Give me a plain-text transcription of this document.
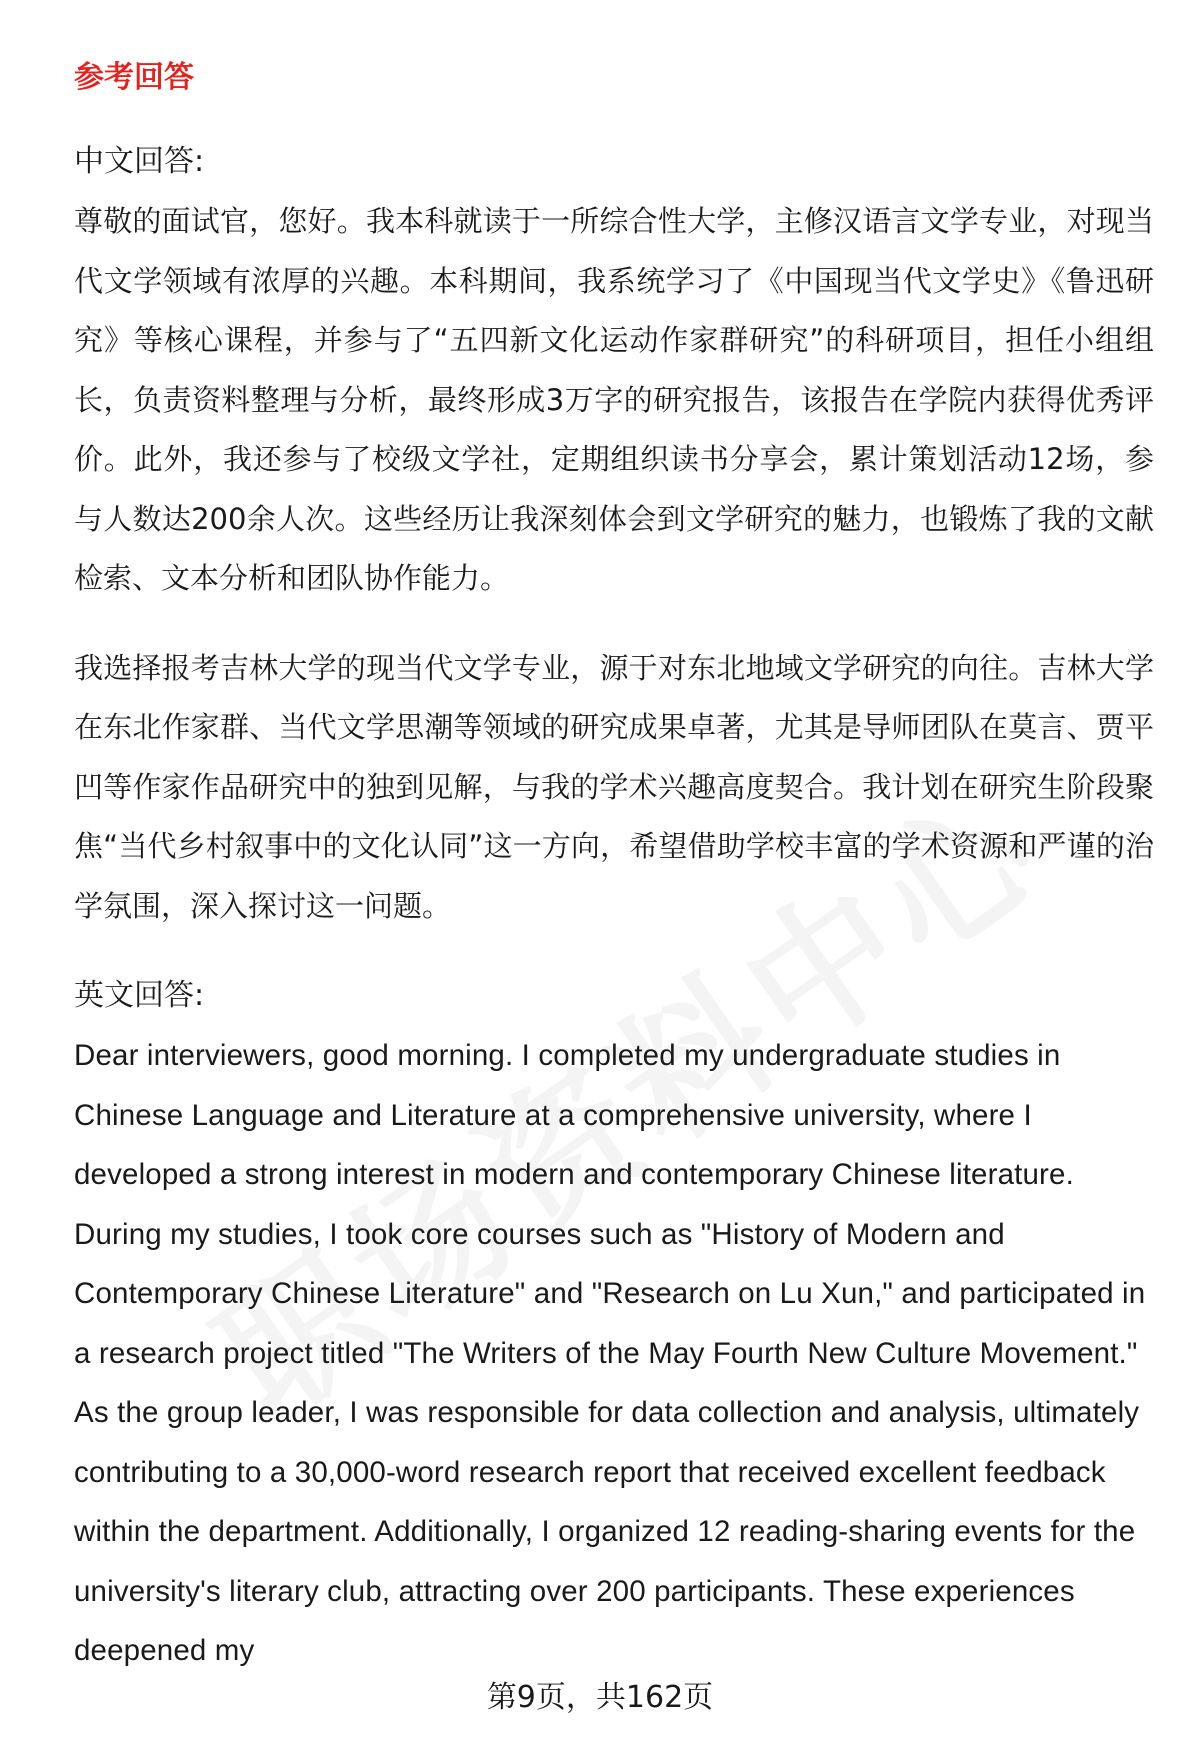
参考回答

中文回答:

尊敬的面试官，您好。我本科就读于一所综合性大学，主修汉语言文学专业，对现当代文学领域有浓厚的兴趣。本科期间，我系统学习了《中国现当代文学史》《鲁迅研究》等核心课程，并参与了“五四新文化运动作家群研究”的科研项目，担任小组组长，负责资料整理与分析，最终形成3万字的研究报告，该报告在学院内获得优秀评价。此外，我还参与了校级文学社，定期组织读书分享会，累计策划活动12场，参与人数达200余人次。这些经历让我深刻体会到文学研究的魅力，也锻炼了我的文献检索、文本分析和团队协作能力。

我选择报考吉林大学的现当代文学专业，源于对东北地域文学研究的向往。吉林大学在东北作家群、当代文学思潮等领域的研究成果卓著，尤其是导师团队在莫言、贾平凹等作家作品研究中的独到见解，与我的学术兴趣高度契合。我计划在研究生阶段聚焦“当代乡村叙事中的文化认同”这一方向，希望借助学校丰富的学术资源和严谨的治学氛围，深入探讨这一问题。

英文回答:

Dear interviewers, good morning. I completed my undergraduate studies in Chinese Language and Literature at a comprehensive university, where I developed a strong interest in modern and contemporary Chinese literature. During my studies, I took core courses such as "History of Modern and Contemporary Chinese Literature" and "Research on Lu Xun," and participated in a research project titled "The Writers of the May Fourth New Culture Movement." As the group leader, I was responsible for data collection and analysis, ultimately contributing to a 30,000-word research report that received excellent feedback within the department. Additionally, I organized 12 reading-sharing events for the university's literary club, attracting over 200 participants. These experiences deepened my

第9页，共162页
